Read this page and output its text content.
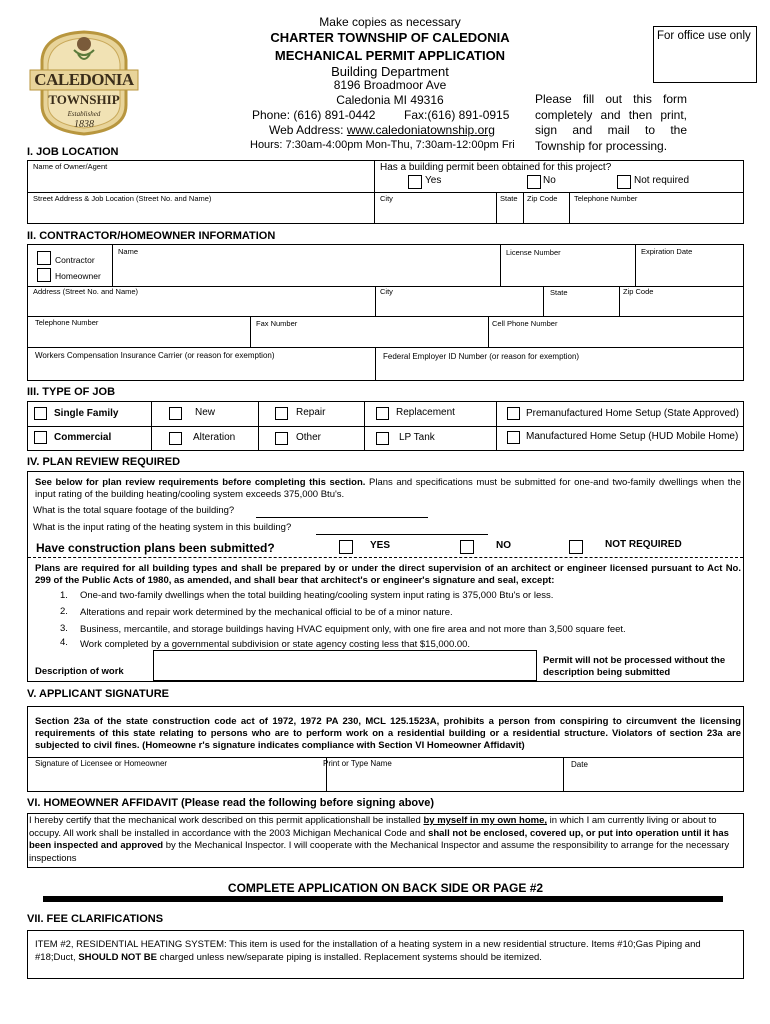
CALEDONIA
TOWNSHIP
Established
1838
Make copies as necessary
CHARTER TOWNSHIP OF CALEDONIA
MECHANICAL PERMIT APPLICATION
Building Department
8196 Broadmoor Ave
Caledonia MI 49316
Phone: (616) 891-0442 Fax:(616) 891-0915
Web Address: www.caledoniatownship.org
Hours: 7:30am-4:00pm Mon-Thu, 7:30am-12:00pm Fri
For office use only
Please fill out this form completely and then print, sign and mail to the Township for processing.
I. JOB LOCATION
Name of Owner/Agent	Has a building permit been obtained for this project?
Yes	No	Not required
Street Address & Job Location (Street No. and Name)	City	State Zip Code Telephone Number
II. CONTRACTOR/HOMEOWNER INFORMATION
Contractor
Homeowner
Name	License Number	Expiration Date
Address (Street No. and Name)	City	State	Zip Code
Telephone Number	Fax Number	Cell Phone Number
Workers Compensation Insurance Carrier (or reason for exemption)	Federal Employer ID Number (or reason for exemption)
III. TYPE OF JOB
Single Family	New	Repair	Replacement	Premanufactured Home Setup (State Approved)
Commercial	Alteration	Other	LP Tank	Manufactured Home Setup (HUD Mobile Home)
IV. PLAN REVIEW REQUIRED
See below for plan review requirements before completing this section. Plans and specifications must be submitted for one-and two-family dwellings when the input rating of the building heating/cooling system exceeds 375,000 Btu's.
What is the total square footage of the building?
What is the input rating of the heating system in this building?
Have construction plans been submitted?	YES	NO	NOT REQUIRED
Plans are required for all building types and shall be prepared by or under the direct supervision of an architect or engineer licensed pursuant to Act No. 299 of the Public Acts of 1980, as amended, and shall bear that architect's or engineer's signature and seal, except:
1. One-and two-family dwellings when the total building heating/cooling system input rating is 375,000 Btu's or less.
2. Alterations and repair work determined by the mechanical official to be of a minor nature.
3. Business, mercantile, and storage buildings having HVAC equipment only, with one fire area and not more than 3,500 square feet.
4. Work completed by a governmental subdivision or state agency costing less that $15,000.00.
Description of work
Permit will not be processed without the description being submitted
V. APPLICANT SIGNATURE
Section 23a of the state construction code act of 1972, 1972 PA 230, MCL 125.1523A, prohibits a person from conspiring to circumvent the licensing requirements of this state relating to persons who are to perform work on a residential building or a residential structure. Violators of section 23a are subjected to civil fines. (Homeowne r's signature indicates compliance with Section VI Homeowner Affidavit)
Signature of Licensee or Homeowner	Print or Type Name	Date
VI. HOMEOWNER AFFIDAVIT (Please read the following before signing above)
I hereby certify that the mechanical work described on this permit applicationshall be installed by myself in my own home, in which I am currently living or about to occupy. All work shall be installed in accordance with the 2003 Michigan Mechanical Code and shall not be enclosed, covered up, or put into operation until it has been inspected and approved by the Mechanical Inspector. I will cooperate with the Mechanical Inspector and assume the responsibility to arrange for the necessary inspections
COMPLETE APPLICATION ON BACK SIDE OR PAGE #2
VII. FEE CLARIFICATIONS
ITEM #2, RESIDENTIAL HEATING SYSTEM: This item is used for the installation of a heating system in a new residential structure. Items #10;Gas Piping and #18;Duct, SHOULD NOT BE charged unless new/separate piping is installed. Replacement systems should be itemized.
